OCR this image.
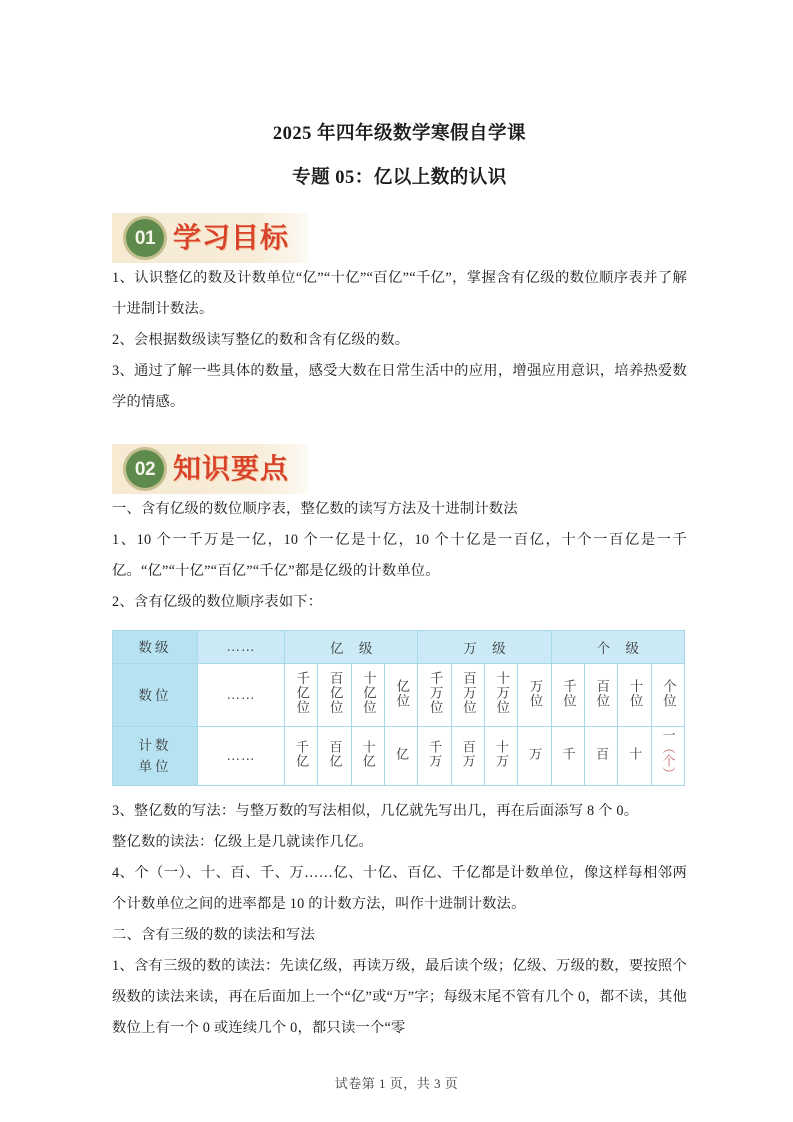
2025 年四年级数学寒假自学课
专题 05：亿以上数的认识
01 学习目标

1、认识整亿的数及计数单位“亿”“十亿”“百亿”“千亿”，掌握含有亿级的数位顺序表并了解十进制计数法。

2、会根据数级读写整亿的数和含有亿级的数。

3、通过了解一些具体的数量，感受大数在日常生活中的应用，增强应用意识，培养热爱数学的情感。

02 知识要点

一、含有亿级的数位顺序表，整亿数的读写方法及十进制计数法

1、10 个一千万是一亿，10 个一亿是十亿，10 个十亿是一百亿，十个一百亿是一千亿。“亿”“十亿”“百亿”“千亿”都是亿级的计数单位。

2、含有亿级的数位顺序表如下：

数级	……	亿 级				万 级				个 级			
数位	……	千亿位	百亿位	十亿位	亿位	千万位	百万位	十万位	万位	千位	百位	十位	个位

计数
单位	……	千亿	百亿	十亿	亿	千万	百万	十万	万	千	百	十	一（个）

3、整亿数的写法：与整万数的写法相似，几亿就先写出几，再在后面添写 8 个 0。

整亿数的读法：亿级上是几就读作几亿。

4、个（一）、十、百、千、万……亿、十亿、百亿、千亿都是计数单位，像这样每相邻两个计数单位之间的进率都是 10 的计数方法，叫作十进制计数法。

二、含有三级的数的读法和写法

1、含有三级的数的读法：先读亿级，再读万级，最后读个级；亿级、万级的数，要按照个级数的读法来读，再在后面加上一个“亿”或“万”字；每级末尾不管有几个 0，都不读，其他数位上有一个 0 或连续几个 0，都只读一个“零

试卷第 1 页，共 3 页
